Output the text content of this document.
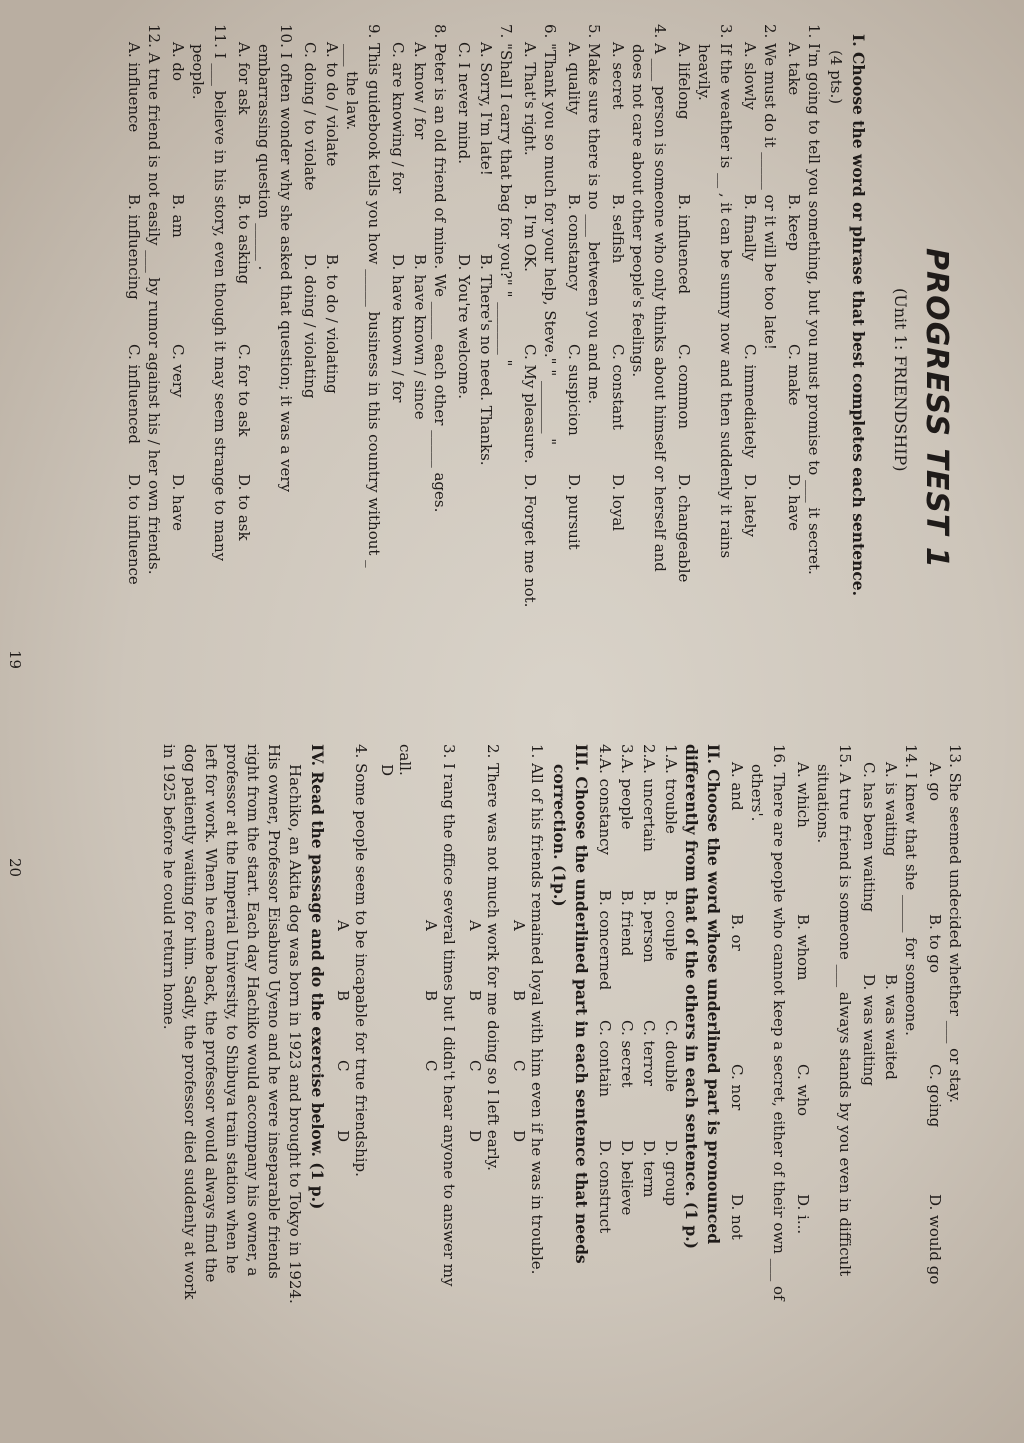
PROGRESS TEST 1
(Unit 1: FRIENDSHIP)
I. Choose the word or phrase that best completes each sentence.
(4 pts.)
1. I'm going to tell you something, but you must promise to ___ it secret.
A. take
B. keep
C. make
D. have
2. We must do it _____ or it will be too late!
A. slowly
B. finally
C. immediately
D. lately
3. If the weather is __ , it can be sunny now and then suddenly it rains
heavily.
A. lifelong
B. influenced
C. common
D. changeable
4. A ___ person is someone who only thinks about himself or herself and
does not care about other people's feelings.
A. secret
B. selfish
C. constant
D. loyal
5. Make sure there is no ___ between you and me.
A. quality
B. constancy
C. suspicion
D. pursuit
6. "Thank you so much for your help, Steve." " _______ "
A. That's right.
B. I'm OK.
C. My pleasure.
D. Forget me not.
7. "Shall I carry that bag for you?" " _______ "
A. Sorry, I'm late!
B. There's no need. Thanks.
C. I never mind.
D. You're welcome.
8. Peter is an old friend of mine. We _____ each other _____ ages.
A. know / for
B. have known / since
C. are knowing / for
D. have known / for
9. This guidebook tells you how _____ business in this country without _
___ the law.
A. to do / violate
B. to do / violating
C. doing / to violate
D. doing / violating
10. I often wonder why she asked that question; it was a very
embarrassing question _____ .
A. for ask
B. to asking
C. for to ask
D. to ask
11. I ___ believe in his story, even though it may seem strange to many
people.
A. do
B. am
C. very
D. have
12. A true friend is not easily ___ by rumor against his / her own friends.
A. influence
B. influencing
C. influenced
D. to influence
19
13. She seemed undecided whether ___ or stay.
A. go
B. to go
C. going
D. would go
14. I knew that she _____ for someone.
A. is waiting
B. was waited
C. has been waiting
D. was waiting
15. A true friend is someone ___ always stands by you even in difficult
situations.
A. which
B. whom
C. who
D. i...
16. There are people who cannot keep a secret, either of their own ___ of
others'.
A. and
B. or
C. nor
D. not
II. Choose the word whose underlined part is pronounced
differently from that of the others in each sentence. (1 p.)
1.A. trouble
B. couple
C. double
D. group
2.A. uncertain
B. person
C. terror
D. term
3.A. people
B. friend
C. secret
D. believe
4.A. constancy
B. concerned
C. contain
D. construct
III. Choose the underlined part in each sentence that needs
correction. (1p.)
1. All of his friends remained loyal with him even if he was in trouble.
A
B
C
D
2. There was not much work for me doing so I left early.
A
B
C
D
3. I rang the office several times but I didn't hear anyone to answer my
A
B
C
call.
D
4. Some people seem to be incapable for true friendship.
A
B
C
D
IV. Read the passage and do the exercise below. (1 p.)
Hachiko, an Akita dog was born in 1923 and brought to Tokyo in 1924.
His owner, Professor Eisaburo Uyeno and he were inseparable friends
right from the start. Each day Hachiko would accompany his owner, a
professor at the Imperial University, to Shibuya train station when he
left for work. When he came back, the professor would always find the
dog patiently waiting for him. Sadly, the professor died suddenly at work
in 1925 before he could return home.
20
